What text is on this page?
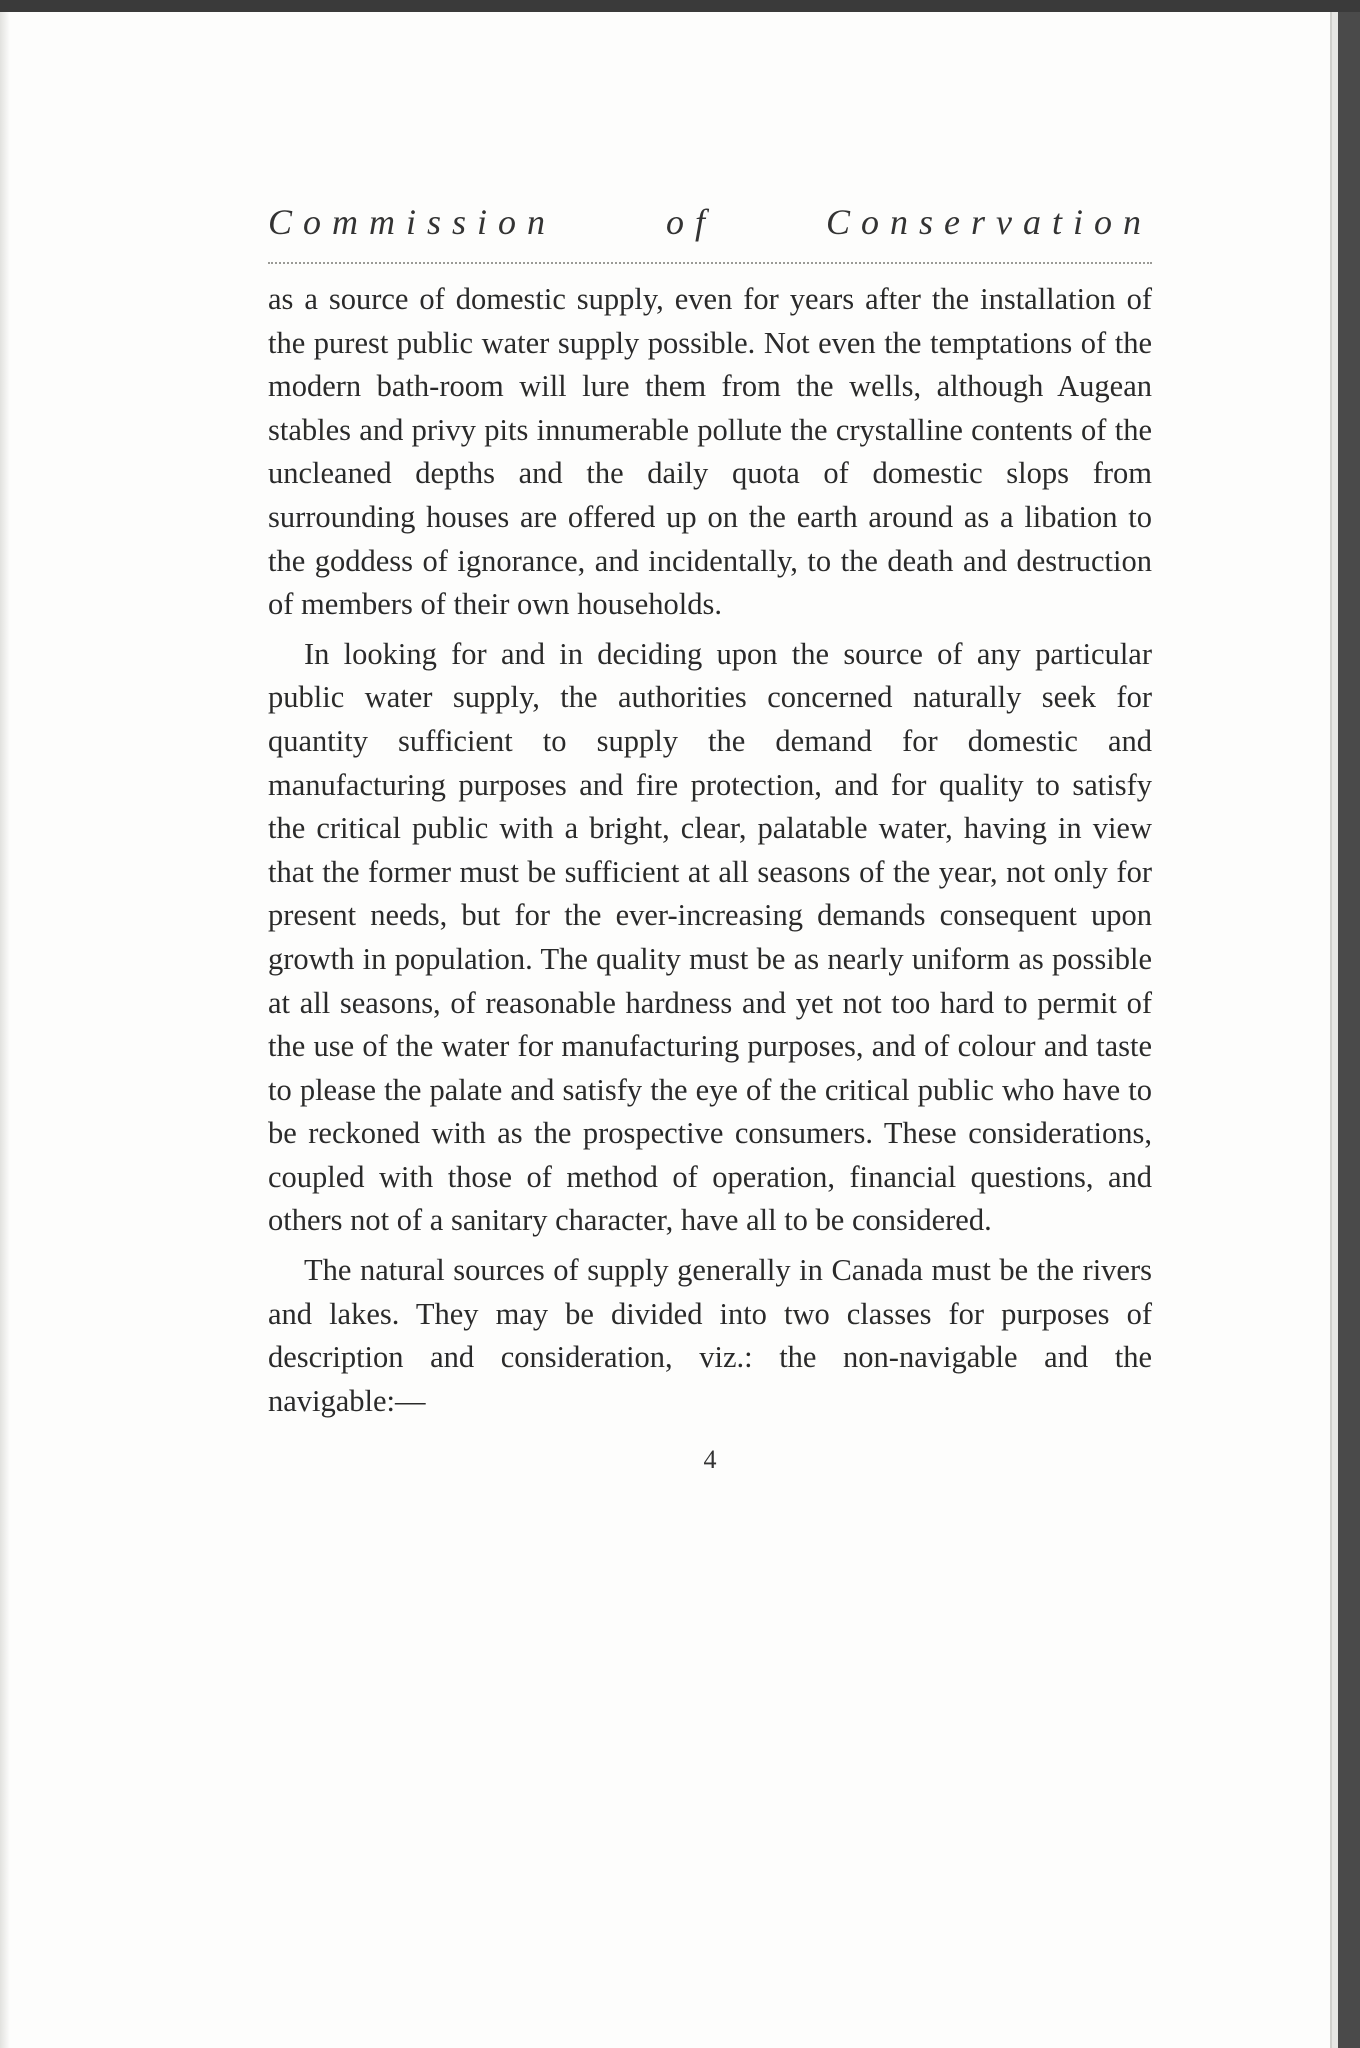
Commission	of	Conservation

as a source of domestic supply, even for years after the installation of the purest public water supply possible. Not even the temptations of the modern bath-room will lure them from the wells, although Augean stables and privy pits innumerable pollute the crystalline contents of the uncleaned depths and the daily quota of domestic slops from surrounding houses are offered up on the earth around as a libation to the goddess of ignorance, and incidentally, to the death and destruction of members of their own households.

In looking for and in deciding upon the source of any particular public water supply, the authorities concerned naturally seek for quantity sufficient to supply the demand for domestic and manufacturing purposes and fire protection, and for quality to satisfy the critical public with a bright, clear, palatable water, having in view that the former must be sufficient at all seasons of the year, not only for present needs, but for the ever-increasing demands consequent upon growth in population. The quality must be as nearly uniform as possible at all seasons, of reasonable hardness and yet not too hard to permit of the use of the water for manufacturing purposes, and of colour and taste to please the palate and satisfy the eye of the critical public who have to be reckoned with as the prospective consumers. These considerations, coupled with those of method of operation, financial questions, and others not of a sanitary character, have all to be considered.

The natural sources of supply generally in Canada must be the rivers and lakes. They may be divided into two classes for purposes of description and consideration, viz.: the non-navigable and the navigable:—

4
